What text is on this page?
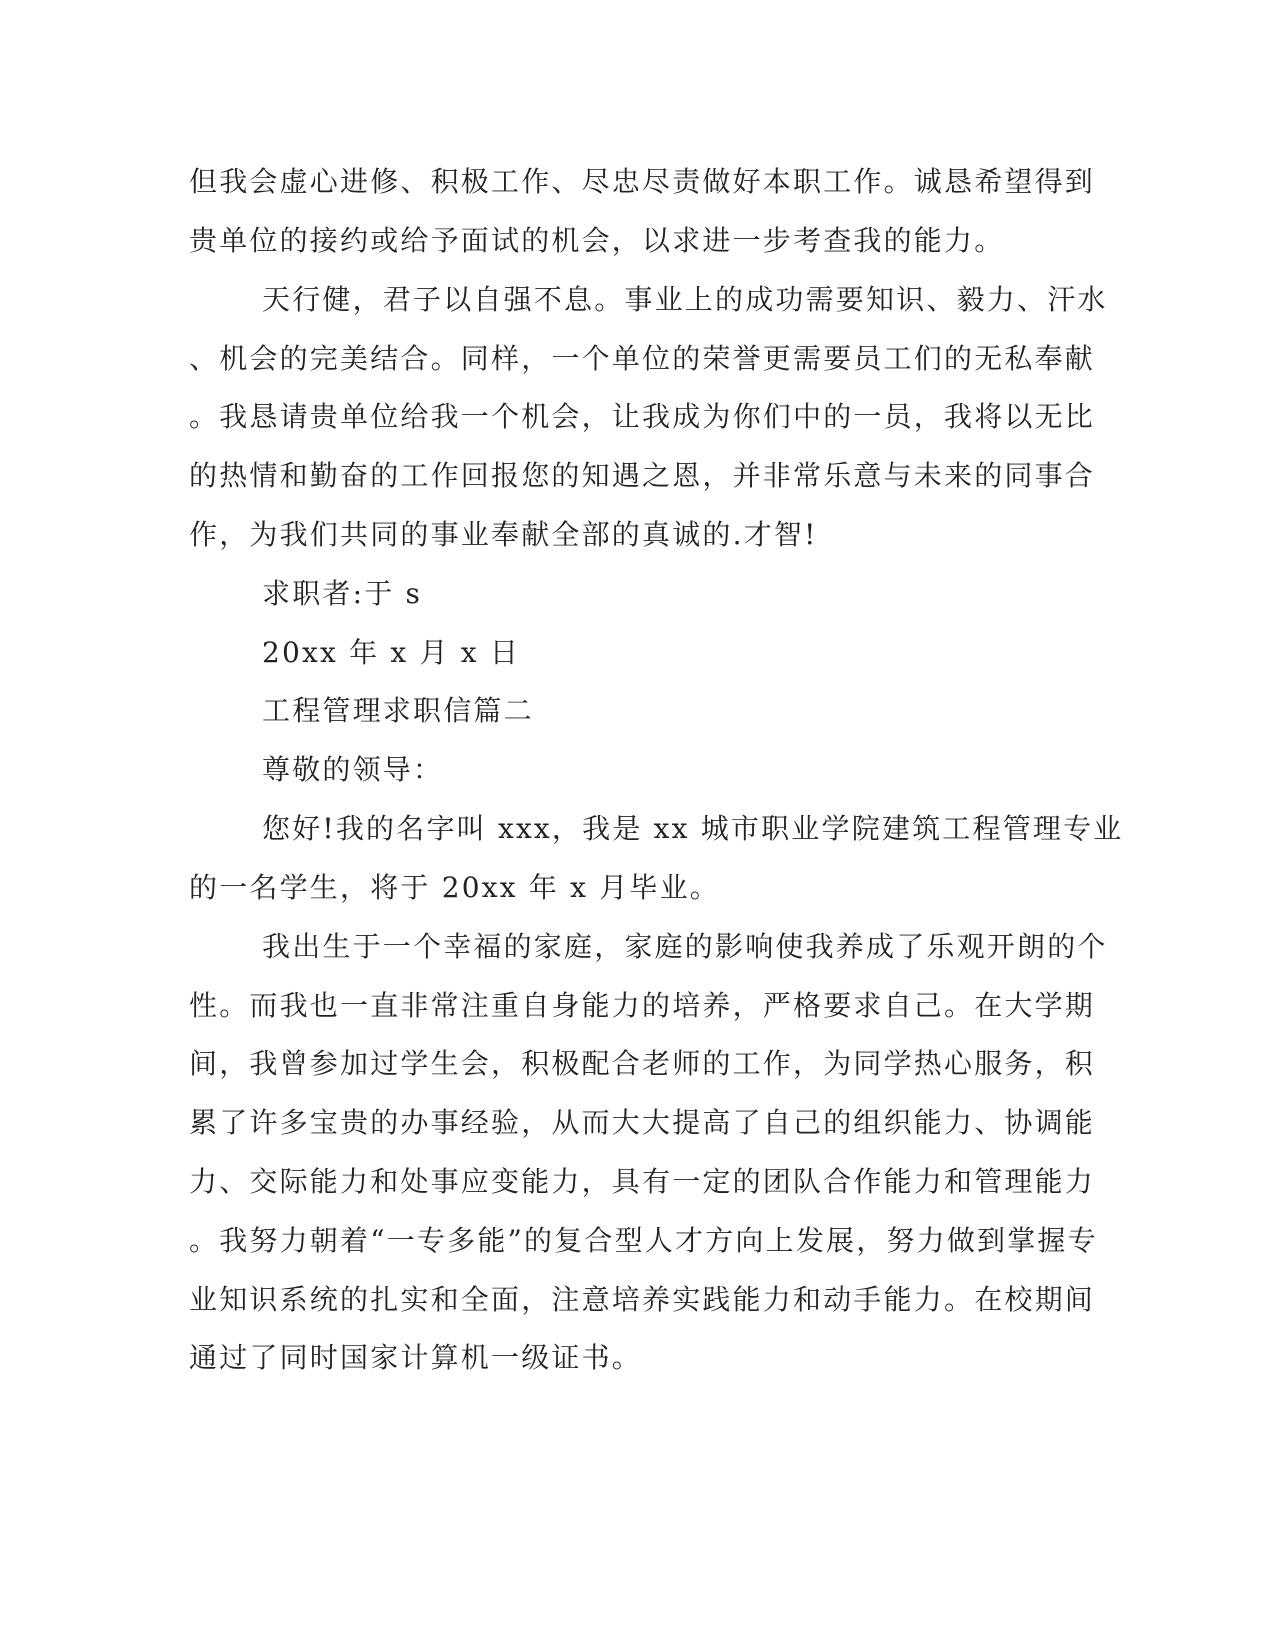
但我会虚心进修、积极工作、尽忠尽责做好本职工作。诚恳希望得到

贵单位的接约或给予面试的机会，以求进一步考查我的能力。

天行健，君子以自强不息。事业上的成功需要知识、毅力、汗水

、机会的完美结合。同样，一个单位的荣誉更需要员工们的无私奉献

。我恳请贵单位给我一个机会，让我成为你们中的一员，我将以无比

的热情和勤奋的工作回报您的知遇之恩，并非常乐意与未来的同事合

作，为我们共同的事业奉献全部的真诚的.才智!

求职者:于 s

20xx 年 x 月 x 日

工程管理求职信篇二

尊敬的领导：

您好!我的名字叫 xxx，我是 xx 城市职业学院建筑工程管理专业

的一名学生，将于 20xx 年 x 月毕业。

我出生于一个幸福的家庭，家庭的影响使我养成了乐观开朗的个

性。而我也一直非常注重自身能力的培养，严格要求自己。在大学期

间，我曾参加过学生会，积极配合老师的工作，为同学热心服务，积

累了许多宝贵的办事经验，从而大大提高了自己的组织能力、协调能

力、交际能力和处事应变能力，具有一定的团队合作能力和管理能力

。我努力朝着“一专多能”的复合型人才方向上发展，努力做到掌握专

业知识系统的扎实和全面，注意培养实践能力和动手能力。在校期间

通过了同时国家计算机一级证书。
